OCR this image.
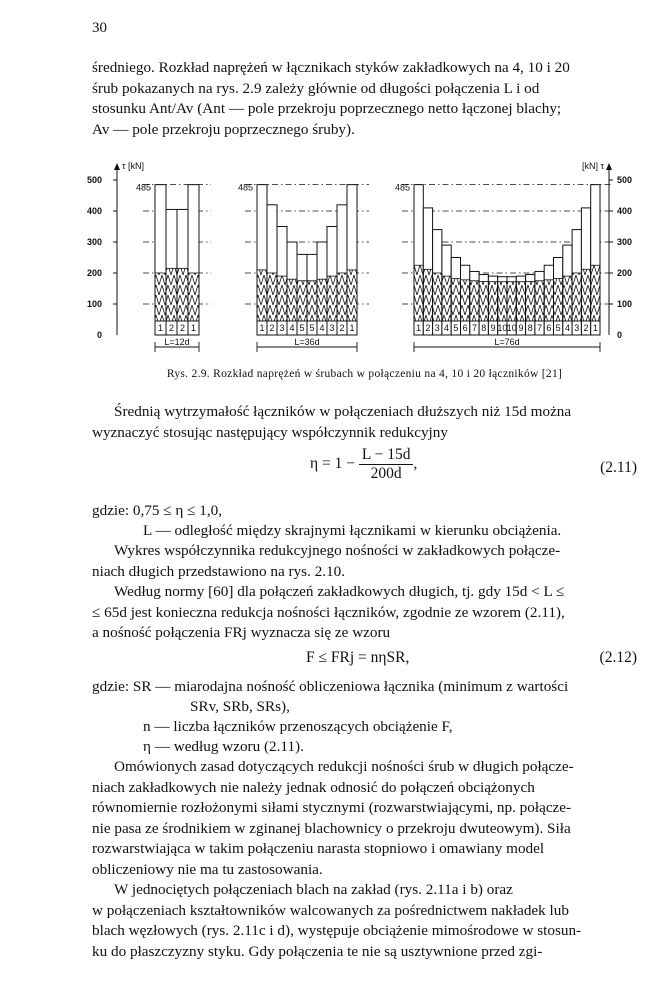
30

średniego. Rozkład naprężeń w łącznikach styków zakładkowych na 4, 10 i 20

śrub pokazanych na rys. 2.9 zależy głównie od długości połączenia L i od

stosunku Ant/Av (Ant — pole przekroju poprzecznego netto łączonej blachy;

Av — pole przekroju poprzecznego śruby).

τ [kN]	[kN] τ
500	500
400	400
300	300
200	200
100	100
0	0
1 2 2 1
485
L=12d
1 2 3 4 5 5 4 3 2 1
485
L=36d
1 2 3 4 5 6 7 8 9 10 10 9 8 7 6 5 4 3 2 1
485
L=76d
Rys. 2.9. Rozkład naprężeń w śrubach w połączeniu na 4, 10 i 20 łączników [21]

Średnią wytrzymałość łączników w połączeniach dłuższych niż 15d można

wyznaczyć stosując następujący współczynnik redukcyjny

$\eta = 1 - \frac{L - 15d}{200d}$ ,	(2.11)
gdzie: 0,75 ≤ η ≤ 1,0,
L — odległość między skrajnymi łącznikami w kierunku obciążenia.

Wykres współczynnika redukcyjnego nośności w zakładkowych połącze-

niach długich przedstawiono na rys. 2.10.

Według normy [60] dla połączeń zakładkowych długich, tj. gdy 15d < L ≤

≤ 65d jest konieczna redukcja nośności łączników, zgodnie ze wzorem (2.11),

a nośność połączenia FRj wyznacza się ze wzoru

F ≤ FRj = nηSR,	(2.12)
gdzie: SR — miarodajna nośność obliczeniowa łącznika (minimum z wartości
SRv, SRb, SRs),
n — liczba łączników przenoszących obciążenie F,
η — według wzoru (2.11).

Omówionych zasad dotyczących redukcji nośności śrub w długich połącze-

niach zakładkowych nie należy jednak odnosić do połączeń obciążonych

równomiernie rozłożonymi siłami stycznymi (rozwarstwiającymi, np. połącze-

nie pasa ze środnikiem w zginanej blachownicy o przekroju dwuteowym). Siła

rozwarstwiająca w takim połączeniu narasta stopniowo i omawiany model

obliczeniowy nie ma tu zastosowania.

W jednociętych połączeniach blach na zakład (rys. 2.11a i b) oraz

w połączeniach kształtowników walcowanych za pośrednictwem nakładek lub

blach węzłowych (rys. 2.11c i d), występuje obciążenie mimośrodowe w stosun-

ku do płaszczyzny styku. Gdy połączenia te nie są usztywnione przed zgi-
